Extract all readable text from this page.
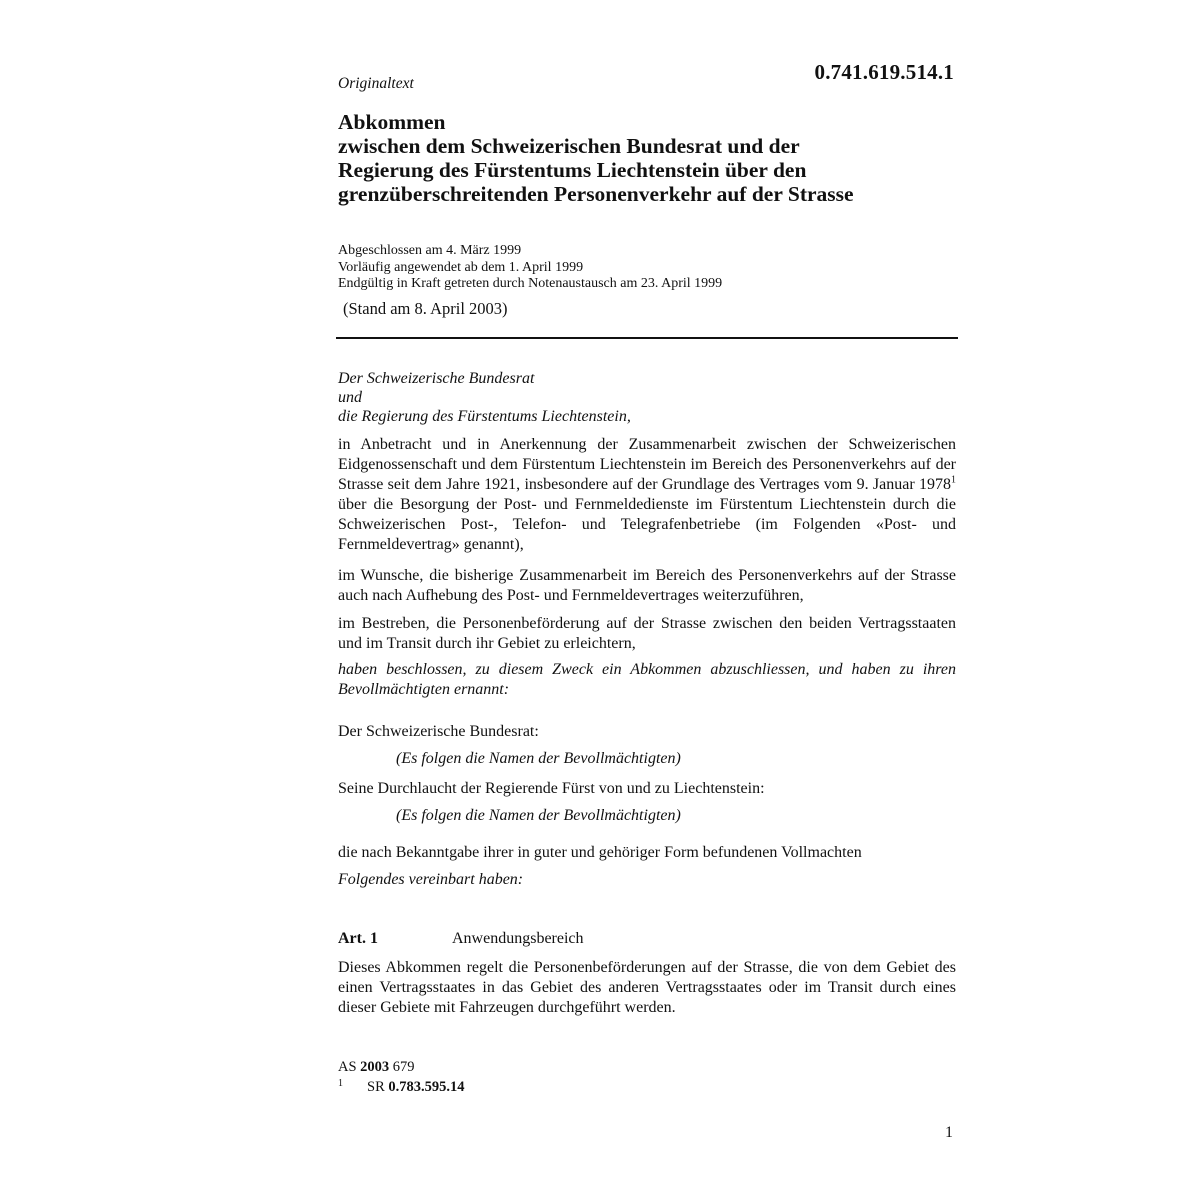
0.741.619.514.1
Originaltext
Abkommen
zwischen dem Schweizerischen Bundesrat und der
Regierung des Fürstentums Liechtenstein über den
grenzüberschreitenden Personenverkehr auf der Strasse
Abgeschlossen am 4. März 1999
Vorläufig angewendet ab dem 1. April 1999
Endgültig in Kraft getreten durch Notenaustausch am 23. April 1999
(Stand am 8. April 2003)
Der Schweizerische Bundesrat
und
die Regierung des Fürstentums Liechtenstein,
in Anbetracht und in Anerkennung der Zusammenarbeit zwischen der Schweizerischen Eidgenossenschaft und dem Fürstentum Liechtenstein im Bereich des Personenverkehrs auf der Strasse seit dem Jahre 1921, insbesondere auf der Grundlage des Vertrages vom 9. Januar 1978$^1$ über die Besorgung der Post- und Fernmeldedienste im Fürstentum Liechtenstein durch die Schweizerischen Post-, Telefon- und Telegrafenbetriebe (im Folgenden «Post- und Fernmeldevertrag» genannt),
im Wunsche, die bisherige Zusammenarbeit im Bereich des Personenverkehrs auf der Strasse auch nach Aufhebung des Post- und Fernmeldevertrages weiterzuführen,
im Bestreben, die Personenbeförderung auf der Strasse zwischen den beiden Vertragsstaaten und im Transit durch ihr Gebiet zu erleichtern,
haben beschlossen, zu diesem Zweck ein Abkommen abzuschliessen, und haben zu ihren Bevollmächtigten ernannt:
Der Schweizerische Bundesrat:
(Es folgen die Namen der Bevollmächtigten)
Seine Durchlaucht der Regierende Fürst von und zu Liechtenstein:
(Es folgen die Namen der Bevollmächtigten)
die nach Bekanntgabe ihrer in guter und gehöriger Form befundenen Vollmachten
Folgendes vereinbart haben:
Art. 1	Anwendungsbereich
Dieses Abkommen regelt die Personenbeförderungen auf der Strasse, die von dem Gebiet des einen Vertragsstaates in das Gebiet des anderen Vertragsstaates oder im Transit durch eines dieser Gebiete mit Fahrzeugen durchgeführt werden.
AS 2003 679
$^1$ SR 0.783.595.14
1
